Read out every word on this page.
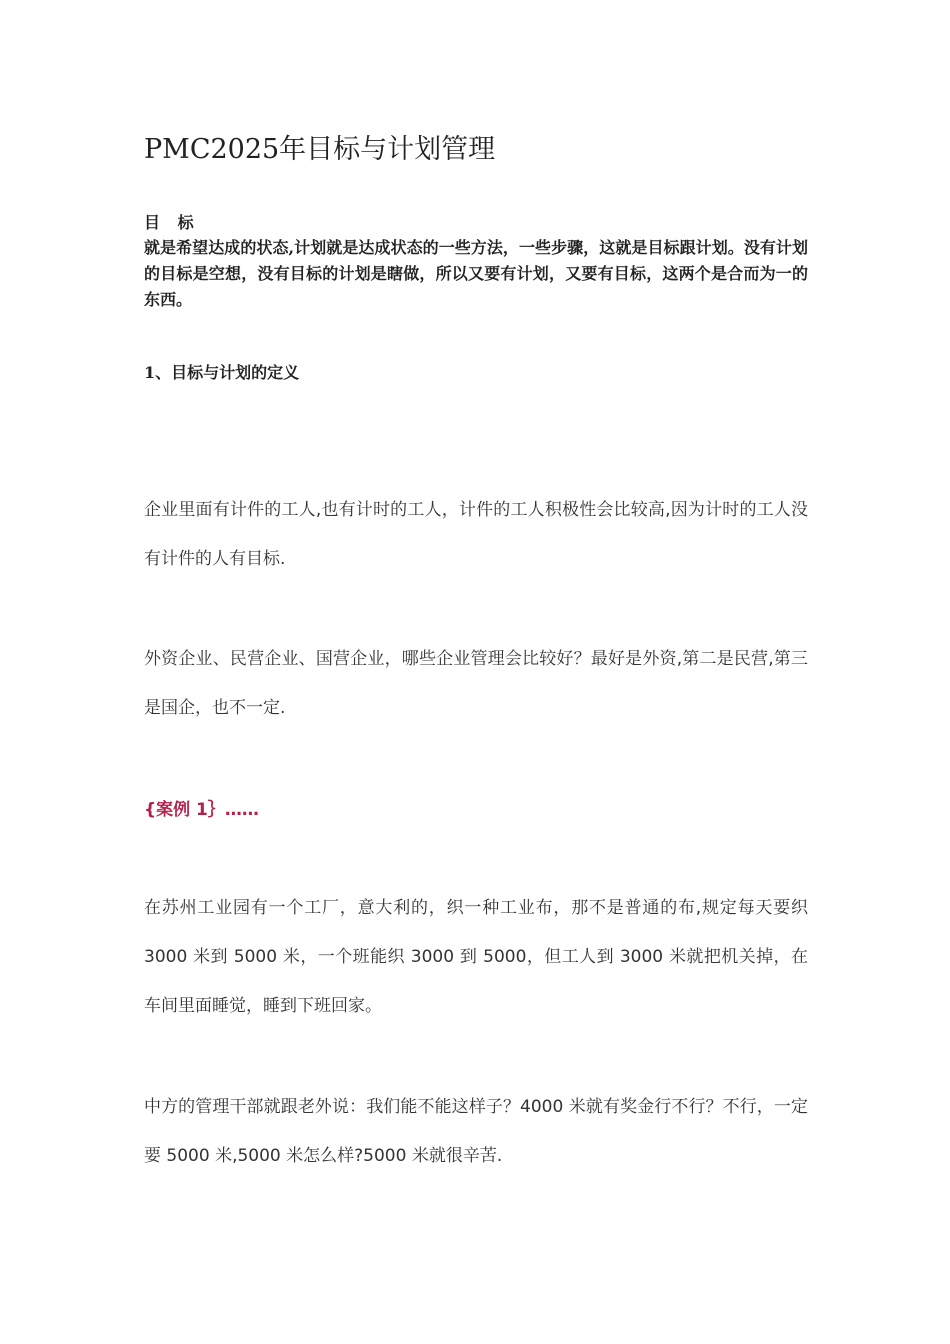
PMC2025年目标与计划管理

目 标

就是希望达成的状态,计划就是达成状态的一些方法，一些步骤，这就是目标跟计划。没有计划的目标是空想，没有目标的计划是瞎做，所以又要有计划，又要有目标，这两个是合而为一的东西。

1、目标与计划的定义

企业里面有计件的工人,也有计时的工人，计件的工人积极性会比较高,因为计时的工人没有计件的人有目标.

外资企业、民营企业、国营企业，哪些企业管理会比较好？最好是外资,第二是民营,第三是国企，也不一定.

{案例 1｝……

在苏州工业园有一个工厂，意大利的，织一种工业布，那不是普通的布,规定每天要织 3000 米到 5000 米，一个班能织 3000 到 5000，但工人到 3000 米就把机关掉，在车间里面睡觉，睡到下班回家。

中方的管理干部就跟老外说：我们能不能这样子？4000 米就有奖金行不行？不行，一定要 5000 米,5000 米怎么样?5000 米就很辛苦.
